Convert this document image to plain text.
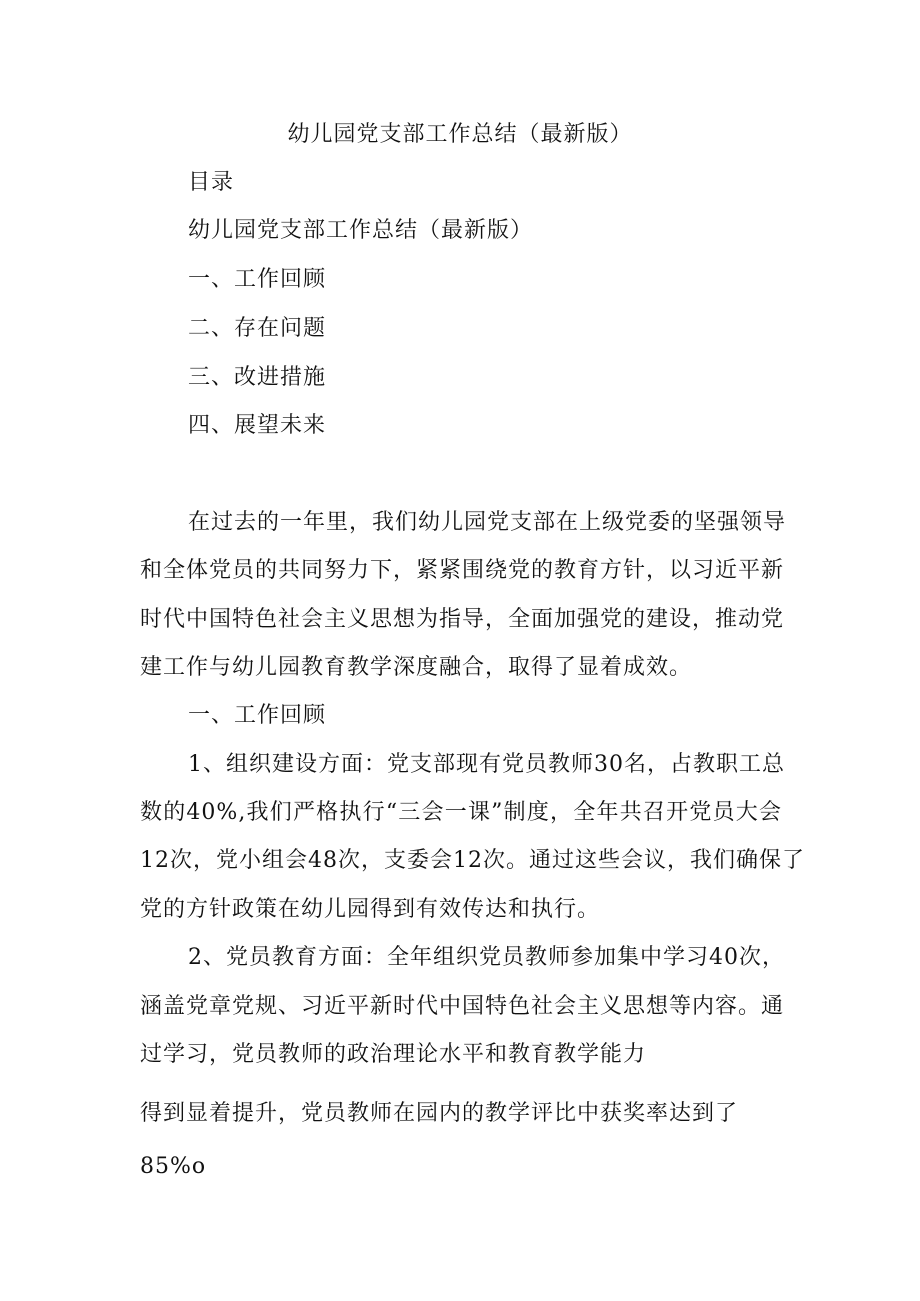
幼儿园党支部工作总结（最新版）
目录
幼儿园党支部工作总结（最新版）
一、工作回顾
二、存在问题
三、改进措施
四、展望未来
在过去的一年里，我们幼儿园党支部在上级党委的坚强领导
和全体党员的共同努力下，紧紧围绕党的教育方针，以习近平新
时代中国特色社会主义思想为指导，全面加强党的建设，推动党
建工作与幼儿园教育教学深度融合，取得了显着成效。
一、工作回顾
1、组织建设方面：党支部现有党员教师30名，占教职工总
数的40%,我们严格执行“三会一课”制度，全年共召开党员大会
12次，党小组会48次，支委会12次。通过这些会议，我们确保了
党的方针政策在幼儿园得到有效传达和执行。
2、党员教育方面：全年组织党员教师参加集中学习40次，
涵盖党章党规、习近平新时代中国特色社会主义思想等内容。通
过学习，党员教师的政治理论水平和教育教学能力
得到显着提升，党员教师在园内的教学评比中获奖率达到了
85%o
